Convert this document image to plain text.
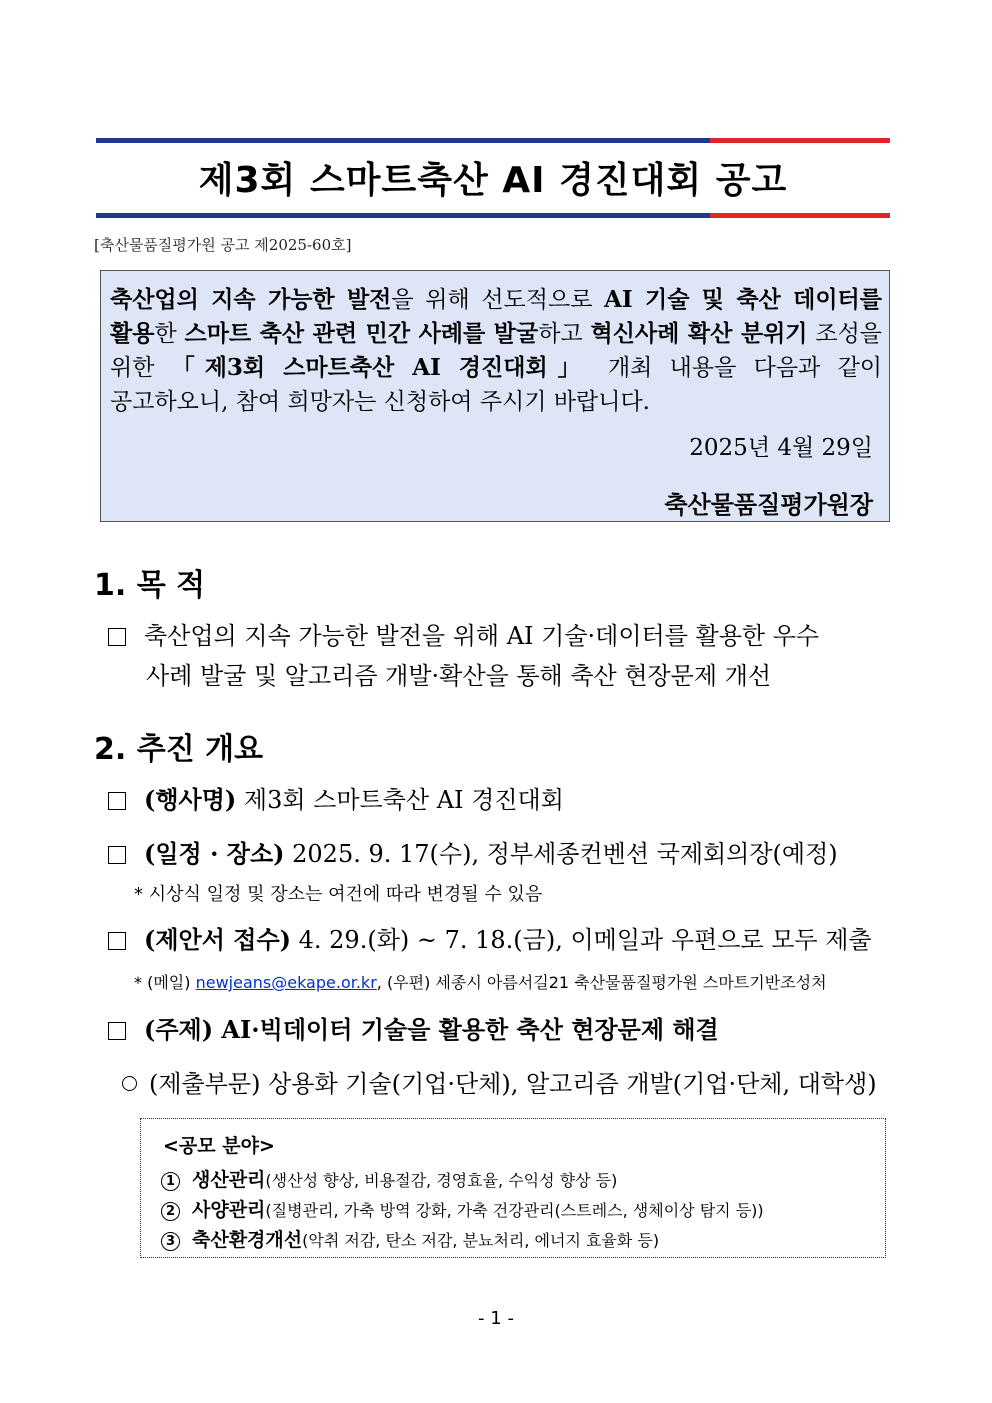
제3회 스마트축산 AI 경진대회 공고
[축산물품질평가원 공고 제2025-60호]
축산업의 지속 가능한 발전을 위해 선도적으로 AI 기술 및 축산 데이터를 활용한 스마트 축산 관련 민간 사례를 발굴하고 혁신사례 확산 분위기 조성을 위한 「제3회 스마트축산 AI 경진대회」 개최 내용을 다음과 같이 공고하오니, 참여 희망자는 신청하여 주시기 바랍니다.
2025년 4월 29일
축산물품질평가원장
1. 목 적
축산업의 지속 가능한 발전을 위해 AI 기술·데이터를 활용한 우수
사례 발굴 및 알고리즘 개발·확산을 통해 축산 현장문제 개선
2. 추진 개요
(행사명) 제3회 스마트축산 AI 경진대회
(일정 · 장소) 2025. 9. 17(수), 정부세종컨벤션 국제회의장(예정)
* 시상식 일정 및 장소는 여건에 따라 변경될 수 있음
(제안서 접수) 4. 29.(화) ~ 7. 18.(금), 이메일과 우편으로 모두 제출
* (메일) newjeans@ekape.or.kr, (우편) 세종시 아름서길21 축산물품질평가원 스마트기반조성처
(주제) AI·빅데이터 기술을 활용한 축산 현장문제 해결
(제출부문) 상용화 기술(기업·단체), 알고리즘 개발(기업·단체, 대학생)
<공모 분야>
1 생산관리(생산성 향상, 비용절감, 경영효율, 수익성 향상 등)
2 사양관리(질병관리, 가축 방역 강화, 가축 건강관리(스트레스, 생체이상 탐지 등))
3 축산환경개선(악취 저감, 탄소 저감, 분뇨처리, 에너지 효율화 등)
- 1 -
